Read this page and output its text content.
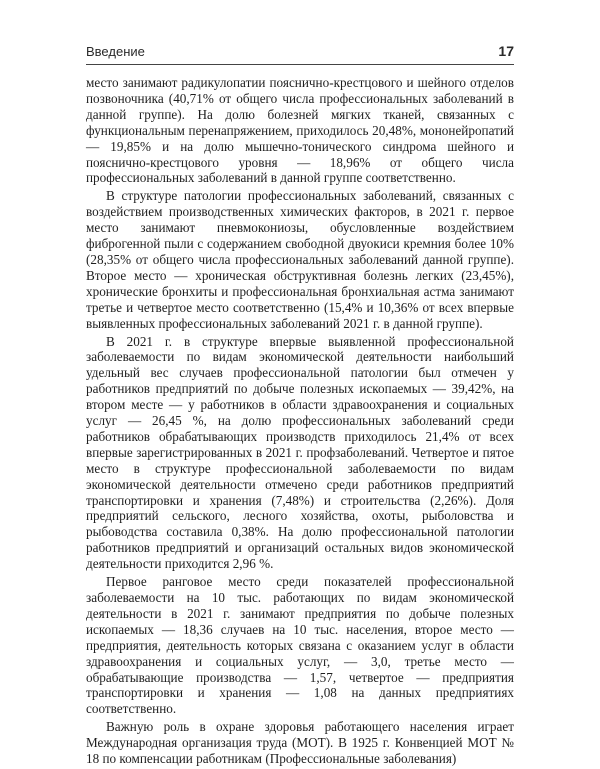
Введение	17

место занимают радикулопатии пояснично-крестцового и шейного отделов позвоночника (40,71% от общего числа профессиональных заболеваний в данной группе). На долю болезней мягких тканей, связанных с функциональным перенапряжением, приходилось 20,48%, мононейропатий — 19,85% и на долю мышечно-тонического синдрома шейного и пояснично-крестцового уровня — 18,96% от общего числа профессиональных заболеваний в данной группе соответственно.

В структуре патологии профессиональных заболеваний, связанных с воздействием производственных химических факторов, в 2021 г. первое место занимают пневмокониозы, обусловленные воздействием фиброгенной пыли с содержанием свободной двуокиси кремния более 10% (28,35% от общего числа профессиональных заболеваний данной группе). Второе место — хроническая обструктивная болезнь легких (23,45%), хронические бронхиты и профессиональная бронхиальная астма занимают третье и четвертое место соответственно (15,4% и 10,36% от всех впервые выявленных профессиональных заболеваний 2021 г. в данной группе).

В 2021 г. в структуре впервые выявленной профессиональной заболеваемости по видам экономической деятельности наибольший удельный вес случаев профессиональной патологии был отмечен у работников предприятий по добыче полезных ископаемых — 39,42%, на втором месте — у работников в области здравоохранения и социальных услуг — 26,45 %, на долю профессиональных заболеваний среди работников обрабатывающих производств приходилось 21,4% от всех впервые зарегистрированных в 2021 г. профзаболеваний. Четвертое и пятое место в структуре профессиональной заболеваемости по видам экономической деятельности отмечено среди работников предприятий транспортировки и хранения (7,48%) и строительства (2,26%). Доля предприятий сельского, лесного хозяйства, охоты, рыболовства и рыбоводства составила 0,38%. На долю профессиональной патологии работников предприятий и организаций остальных видов экономической деятельности приходится 2,96 %.

Первое ранговое место среди показателей профессиональной заболеваемости на 10 тыс. работающих по видам экономической деятельности в 2021 г. занимают предприятия по добыче полезных ископаемых — 18,36 случаев на 10 тыс. населения, второе место — предприятия, деятельность которых связана с оказанием услуг в области здравоохранения и социальных услуг, — 3,0, третье место — обрабатывающие производства — 1,57, четвертое — предприятия транспортировки и хранения — 1,08 на данных предприятиях соответственно.

Важную роль в охране здоровья работающего населения играет Международная организация труда (МОТ). В 1925 г. Конвенцией МОТ № 18 по компенсации работникам (Профессиональные заболевания)
